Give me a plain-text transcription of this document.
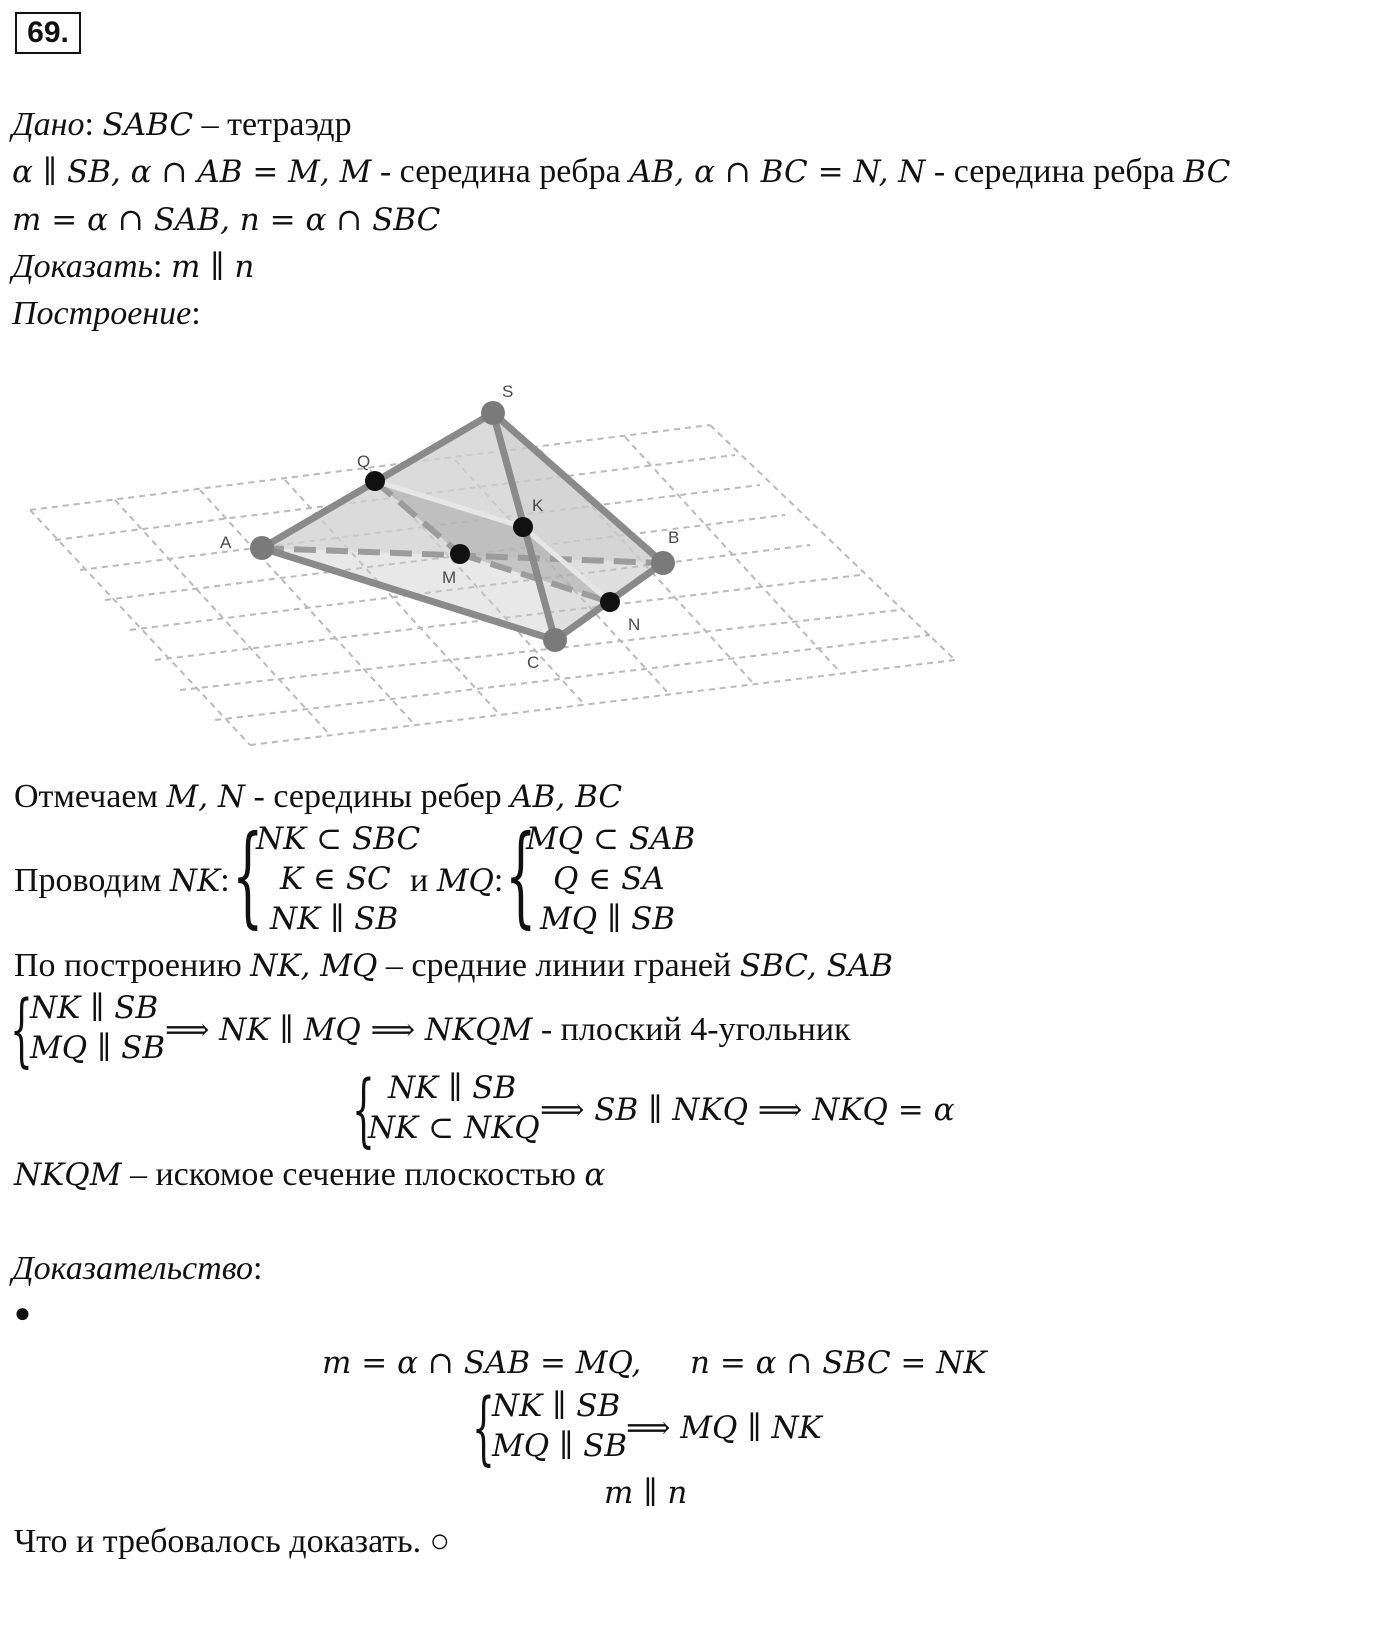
69.
Дано: SABC – тетраэдр
α ∥ SB, α ∩ AB = M, M - середина ребра AB, α ∩ BC = N, N - середина ребра BC
m = α ∩ SAB, n = α ∩ SBC
Доказать: m ∥ n
Построение:
S
Q
K
A
M
B
N
C
Отмечаем M, N - середины ребер AB, BC
Проводим NK: {
NK ⊂ SBC
K ∈ SC
NK ∥ SB
и MQ: {
MQ ⊂ SAB
Q ∈ SA
MQ ∥ SB
По построению NK, MQ – средние линии граней SBC, SAB
{
NK ∥ SB
MQ ∥ SB ⟹ NK ∥ MQ ⟹ NKQM - плоский 4-угольник
{ NK ∥ SB
NK ⊂ NKQ ⟹ SB ∥ NKQ ⟹ NKQ = α
NKQM – искомое сечение плоскостью α
Доказательство:
●
m = α ∩ SAB = MQ, n = α ∩ SBC = NK
{
NK ∥ SB
MQ ∥ SB
⟹ MQ ∥ NK
m ∥ n
Что и требовалось доказать. ○
